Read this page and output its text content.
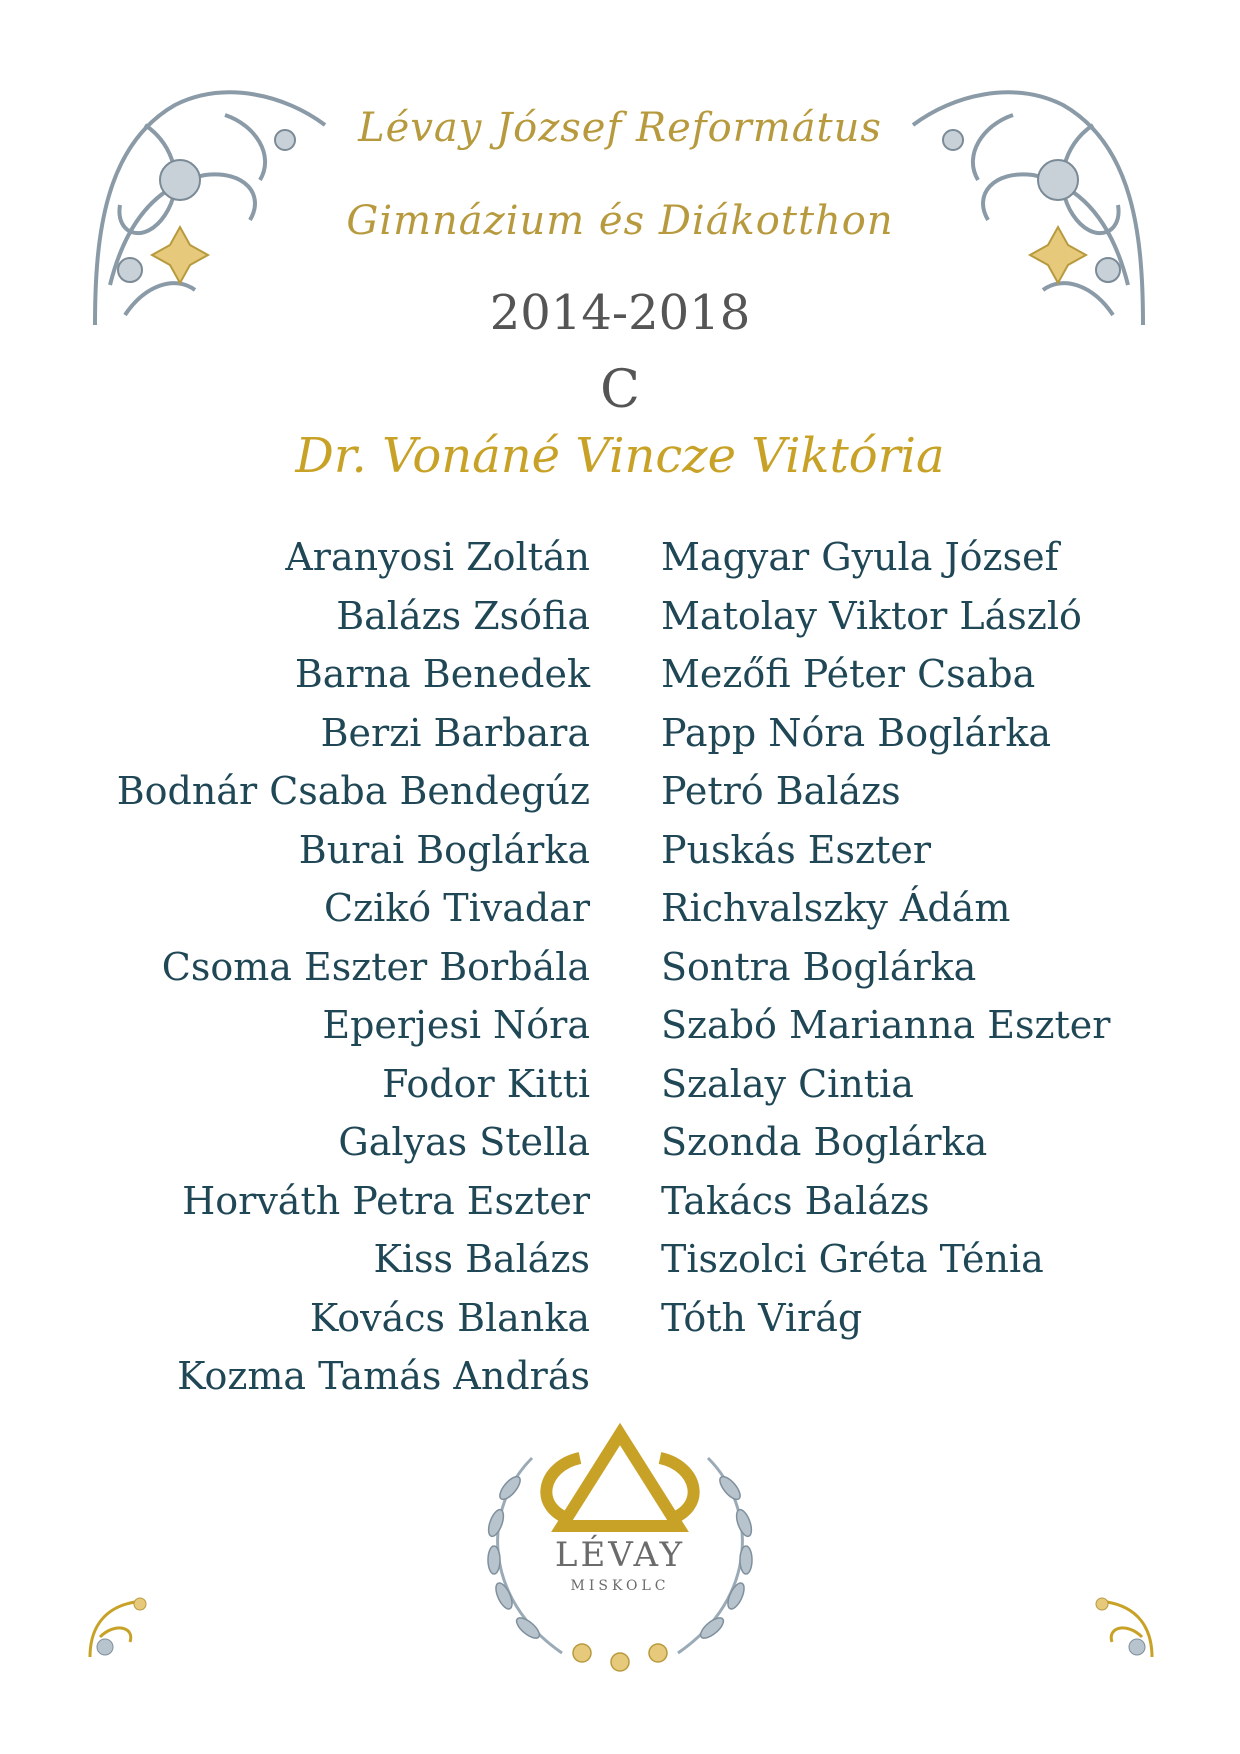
Lévay József Református
Gimnázium és Diákotthon
2014-2018
C
Dr. Vonáné Vincze Viktória
Aranyosi Zoltán
Balázs Zsófia
Barna Benedek
Berzi Barbara
Bodnár Csaba Bendegúz
Burai Boglárka
Czikó Tivadar
Csoma Eszter Borbála
Eperjesi Nóra
Fodor Kitti
Galyas Stella
Horváth Petra Eszter
Kiss Balázs
Kovács Blanka
Kozma Tamás András
Magyar Gyula József
Matolay Viktor László
Mezőfi Péter Csaba
Papp Nóra Boglárka
Petró Balázs
Puskás Eszter
Richvalszky Ádám
Sontra Boglárka
Szabó Marianna Eszter
Szalay Cintia
Szonda Boglárka
Takács Balázs
Tiszolci Gréta Ténia
Tóth Virág
LÉVAY
MISKOLC
